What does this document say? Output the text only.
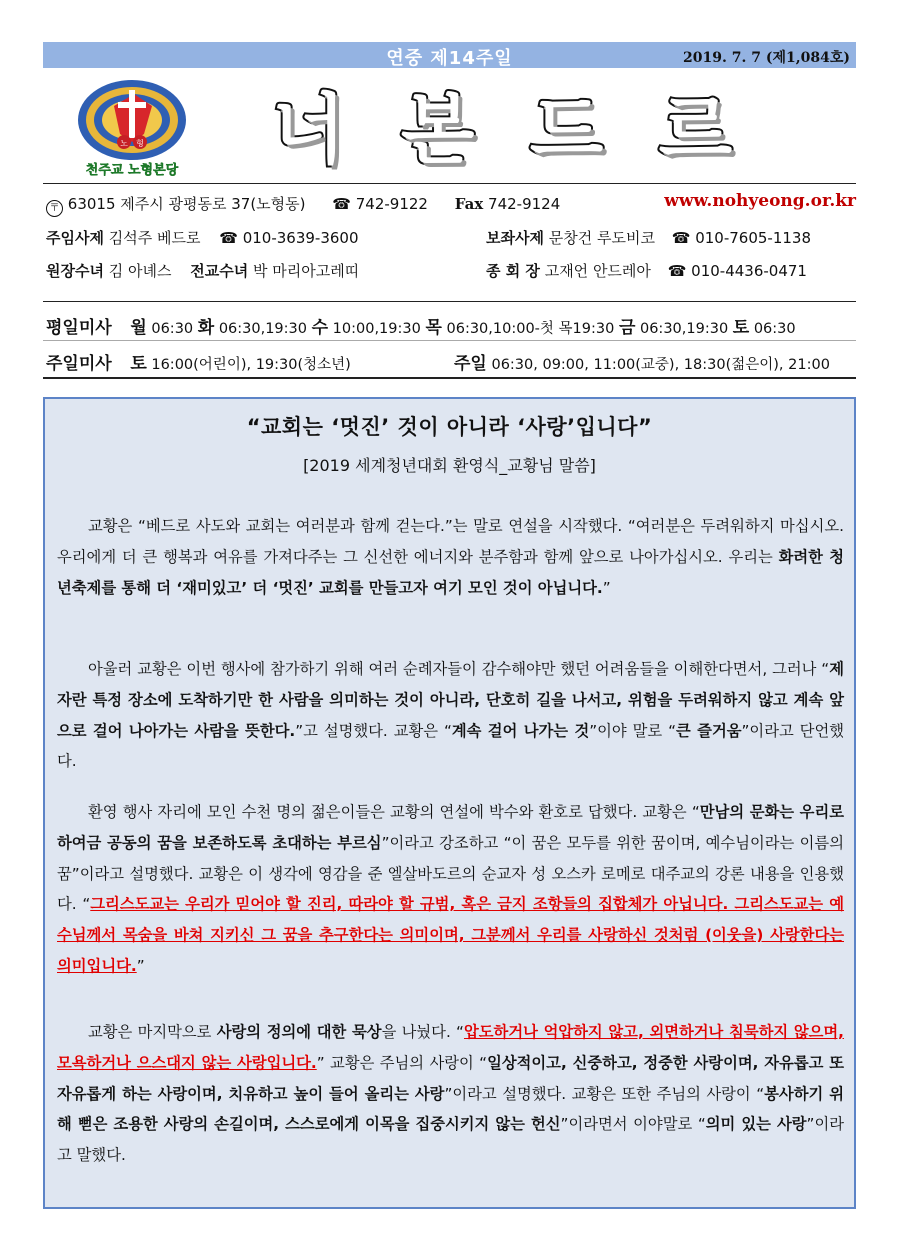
연중 제14주일	2019. 7. 7 (제1,084호)
노 형
천주교 노형본당 너 본 드 르
〒 63015 제주시 광평동로 37(노형동) ☎ 742-9122 Fax 742-9124	www.nohyeong.or.kr
주임사제 김석주 베드로 ☎ 010-3639-3600	보좌사제 문창건 루도비코 ☎ 010-7605-1138
원장수녀 김 아녜스 전교수녀 박 마리아고레띠	종 회 장 고재언 안드레아 ☎ 010-4436-0471
평일미사 월 06:30 화 06:30,19:30 수 10:00,19:30 목 06:30,10:00-첫 목19:30 금 06:30,19:30 토 06:30
주일미사 토 16:00(어린이), 19:30(청소년)	주일 06:30, 09:00, 11:00(교중), 18:30(젊은이), 21:00
“교회는 ‘멋진’ 것이 아니라 ‘사랑’입니다”
[2019 세계청년대회 환영식_교황님 말씀]

교황은 “베드로 사도와 교회는 여러분과 함께 걷는다.”는 말로 연설을 시작했다. “여러분은 두려워하지 마십시오. 우리에게 더 큰 행복과 여유를 가져다주는 그 신선한 에너지와 분주함과 함께 앞으로 나아가십시오. 우리는 화려한 청년축제를 통해 더 ‘재미있고’ 더 ‘멋진’ 교회를 만들고자 여기 모인 것이 아닙니다.”

아울러 교황은 이번 행사에 참가하기 위해 여러 순례자들이 감수해야만 했던 어려움들을 이해한다면서, 그러나 “제자란 특정 장소에 도착하기만 한 사람을 의미하는 것이 아니라, 단호히 길을 나서고, 위험을 두려워하지 않고 계속 앞으로 걸어 나아가는 사람을 뜻한다.”고 설명했다. 교황은 “계속 걸어 나가는 것”이야 말로 “큰 즐거움”이라고 단언했다.

환영 행사 자리에 모인 수천 명의 젊은이들은 교황의 연설에 박수와 환호로 답했다. 교황은 “만남의 문화는 우리로 하여금 공동의 꿈을 보존하도록 초대하는 부르심”이라고 강조하고 “이 꿈은 모두를 위한 꿈이며, 예수님이라는 이름의 꿈”이라고 설명했다. 교황은 이 생각에 영감을 준 엘살바도르의 순교자 성 오스카 로메로 대주교의 강론 내용을 인용했다. “그리스도교는 우리가 믿어야 할 진리, 따라야 할 규범, 혹은 금지 조항들의 집합체가 아닙니다. 그리스도교는 예수님께서 목숨을 바쳐 지키신 그 꿈을 추구한다는 의미이며, 그분께서 우리를 사랑하신 것처럼 (이웃을) 사랑한다는 의미입니다.”

교황은 마지막으로 사랑의 정의에 대한 묵상을 나눴다. “압도하거나 억압하지 않고, 외면하거나 침묵하지 않으며, 모욕하거나 으스대지 않는 사랑입니다.” 교황은 주님의 사랑이 “일상적이고, 신중하고, 정중한 사랑이며, 자유롭고 또 자유롭게 하는 사랑이며, 치유하고 높이 들어 올리는 사랑”이라고 설명했다. 교황은 또한 주님의 사랑이 “봉사하기 위해 뻗은 조용한 사랑의 손길이며, 스스로에게 이목을 집중시키지 않는 헌신”이라면서 이야말로 “의미 있는 사랑”이라고 말했다.
